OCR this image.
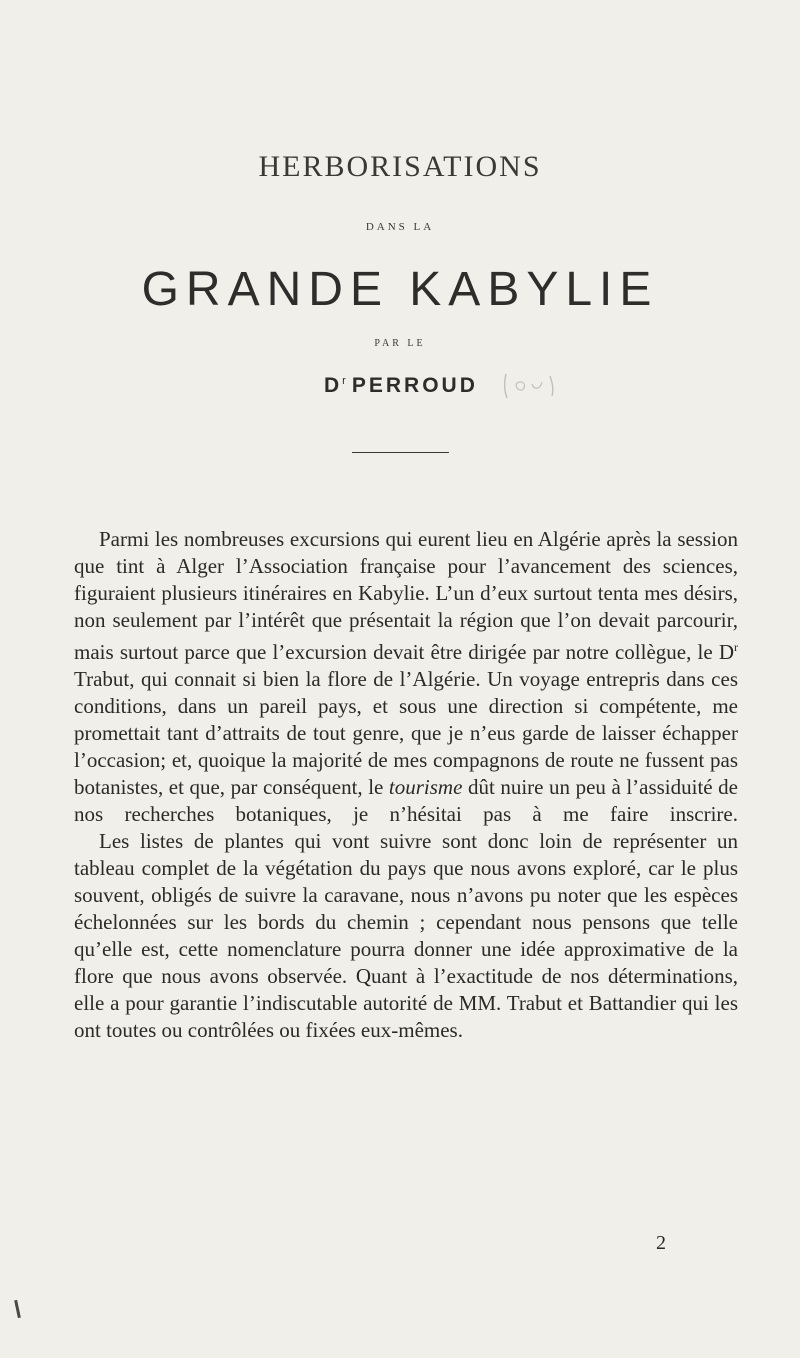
HERBORISATIONS
DANS LA
GRANDE KABYLIE
PAR LE
$D^r$ PERROUD

Parmi les nombreuses excursions qui eurent lieu en Algérie après la session que tint à Alger l’Association française pour l’avancement des sciences, figuraient plusieurs itinéraires en Kabylie. L’un d’eux surtout tenta mes désirs, non seulement par l’intérêt que présentait la région que l’on devait parcourir, mais surtout parce que l’excursion devait être dirigée par notre collègue, le $D^r$ Trabut, qui connait si bien la flore de l’Algérie. Un voyage entrepris dans ces conditions, dans un pareil pays, et sous une direction si compétente, me promettait tant d’attraits de tout genre, que je n’eus garde de laisser échapper l’occasion; et, quoique la majorité de mes compagnons de route ne fussent pas botanistes, et que, par conséquent, le tourisme dût nuire un peu à l’assiduité de nos recherches botaniques, je n’hésitai pas à me faire inscrire.

Les listes de plantes qui vont suivre sont donc loin de représenter un tableau complet de la végétation du pays que nous avons exploré, car le plus souvent, obligés de suivre la caravane, nous n’avons pu noter que les espèces échelonnées sur les bords du chemin ; cependant nous pensons que telle qu’elle est, cette nomenclature pourra donner une idée approximative de la flore que nous avons observée. Quant à l’exactitude de nos déterminations, elle a pour garantie l’indiscutable autorité de MM. Trabut et Battandier qui les ont toutes ou contrôlées ou fixées eux-mêmes.

2
